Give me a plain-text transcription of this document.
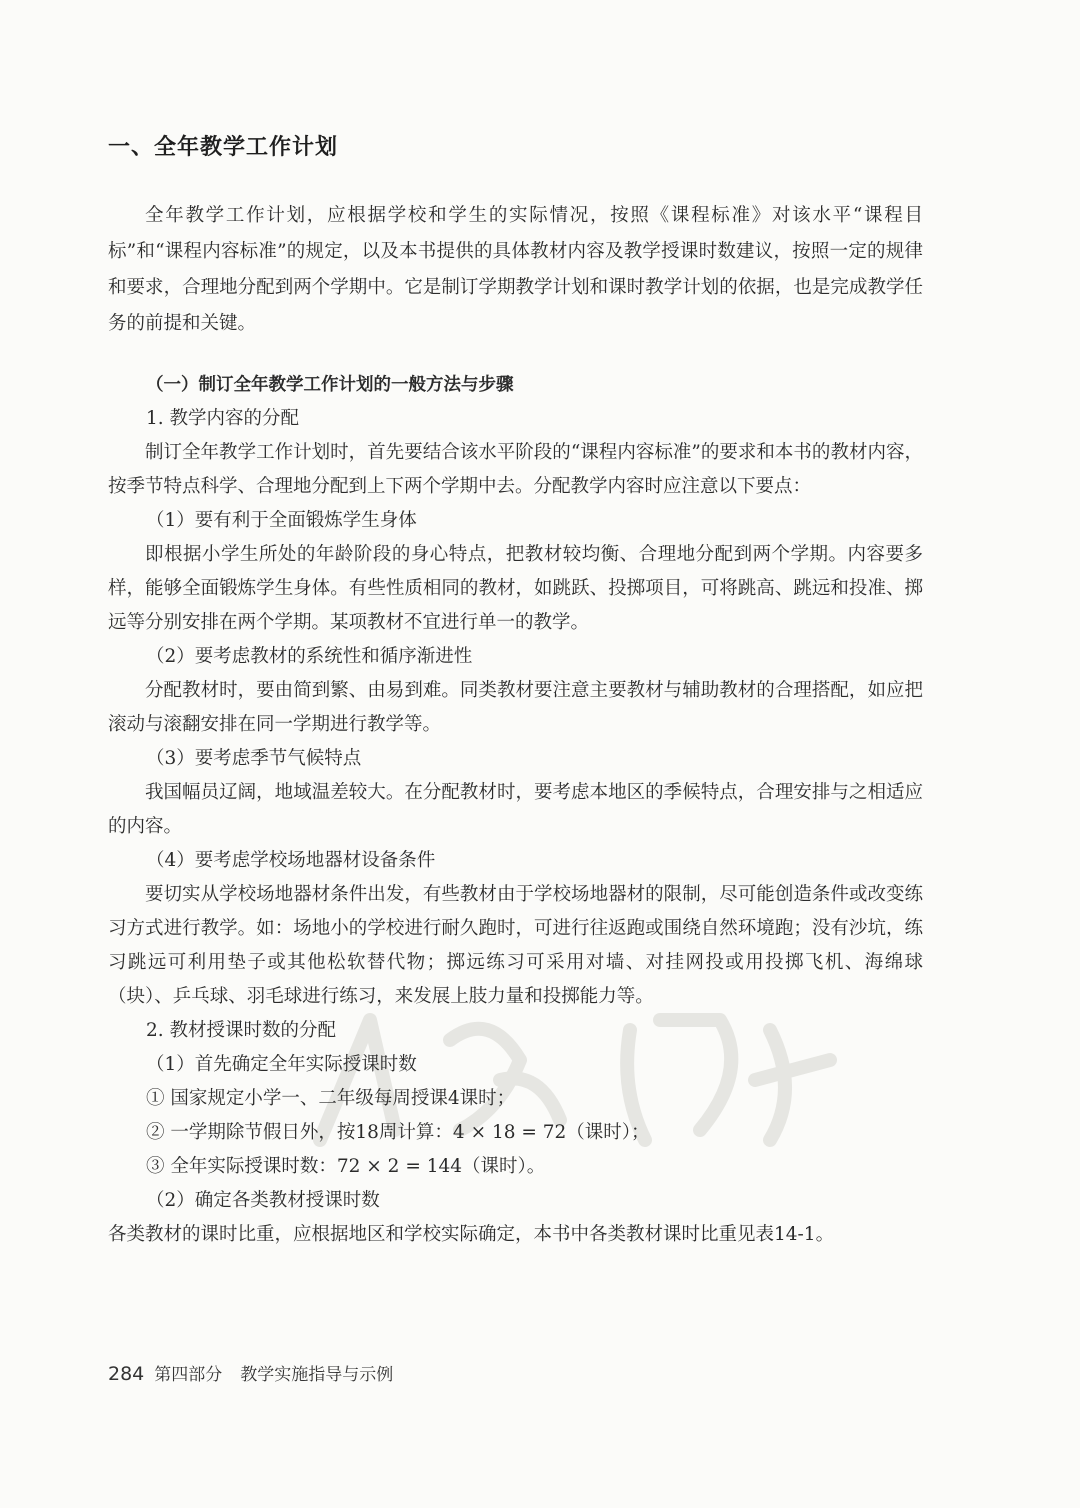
一、全年教学工作计划

全年教学工作计划，应根据学校和学生的实际情况，按照《课程标准》对该水平“课程目标”和“课程内容标准”的规定，以及本书提供的具体教材内容及教学授课时数建议，按照一定的规律和要求，合理地分配到两个学期中。它是制订学期教学计划和课时教学计划的依据，也是完成教学任务的前提和关键。

（一）制订全年教学工作计划的一般方法与步骤

1. 教学内容的分配

制订全年教学工作计划时，首先要结合该水平阶段的“课程内容标准”的要求和本书的教材内容，按季节特点科学、合理地分配到上下两个学期中去。分配教学内容时应注意以下要点：

（1）要有利于全面锻炼学生身体

即根据小学生所处的年龄阶段的身心特点，把教材较均衡、合理地分配到两个学期。内容要多样，能够全面锻炼学生身体。有些性质相同的教材，如跳跃、投掷项目，可将跳高、跳远和投准、掷远等分别安排在两个学期。某项教材不宜进行单一的教学。

（2）要考虑教材的系统性和循序渐进性

分配教材时，要由简到繁、由易到难。同类教材要注意主要教材与辅助教材的合理搭配，如应把滚动与滚翻安排在同一学期进行教学等。

（3）要考虑季节气候特点

我国幅员辽阔，地域温差较大。在分配教材时，要考虑本地区的季候特点，合理安排与之相适应的内容。

（4）要考虑学校场地器材设备条件

要切实从学校场地器材条件出发，有些教材由于学校场地器材的限制，尽可能创造条件或改变练习方式进行教学。如：场地小的学校进行耐久跑时，可进行往返跑或围绕自然环境跑；没有沙坑，练习跳远可利用垫子或其他松软替代物；掷远练习可采用对墙、对挂网投或用投掷飞机、海绵球（块）、乒乓球、羽毛球进行练习，来发展上肢力量和投掷能力等。

2. 教材授课时数的分配

（1）首先确定全年实际授课时数

① 国家规定小学一、二年级每周授课4课时；

② 一学期除节假日外，按18周计算：4 × 18 = 72（课时）；

③ 全年实际授课时数：72 × 2 = 144（课时）。

（2）确定各类教材授课时数

各类教材的课时比重，应根据地区和学校实际确定，本书中各类教材课时比重见表14-1。

284 第四部分 教学实施指导与示例
